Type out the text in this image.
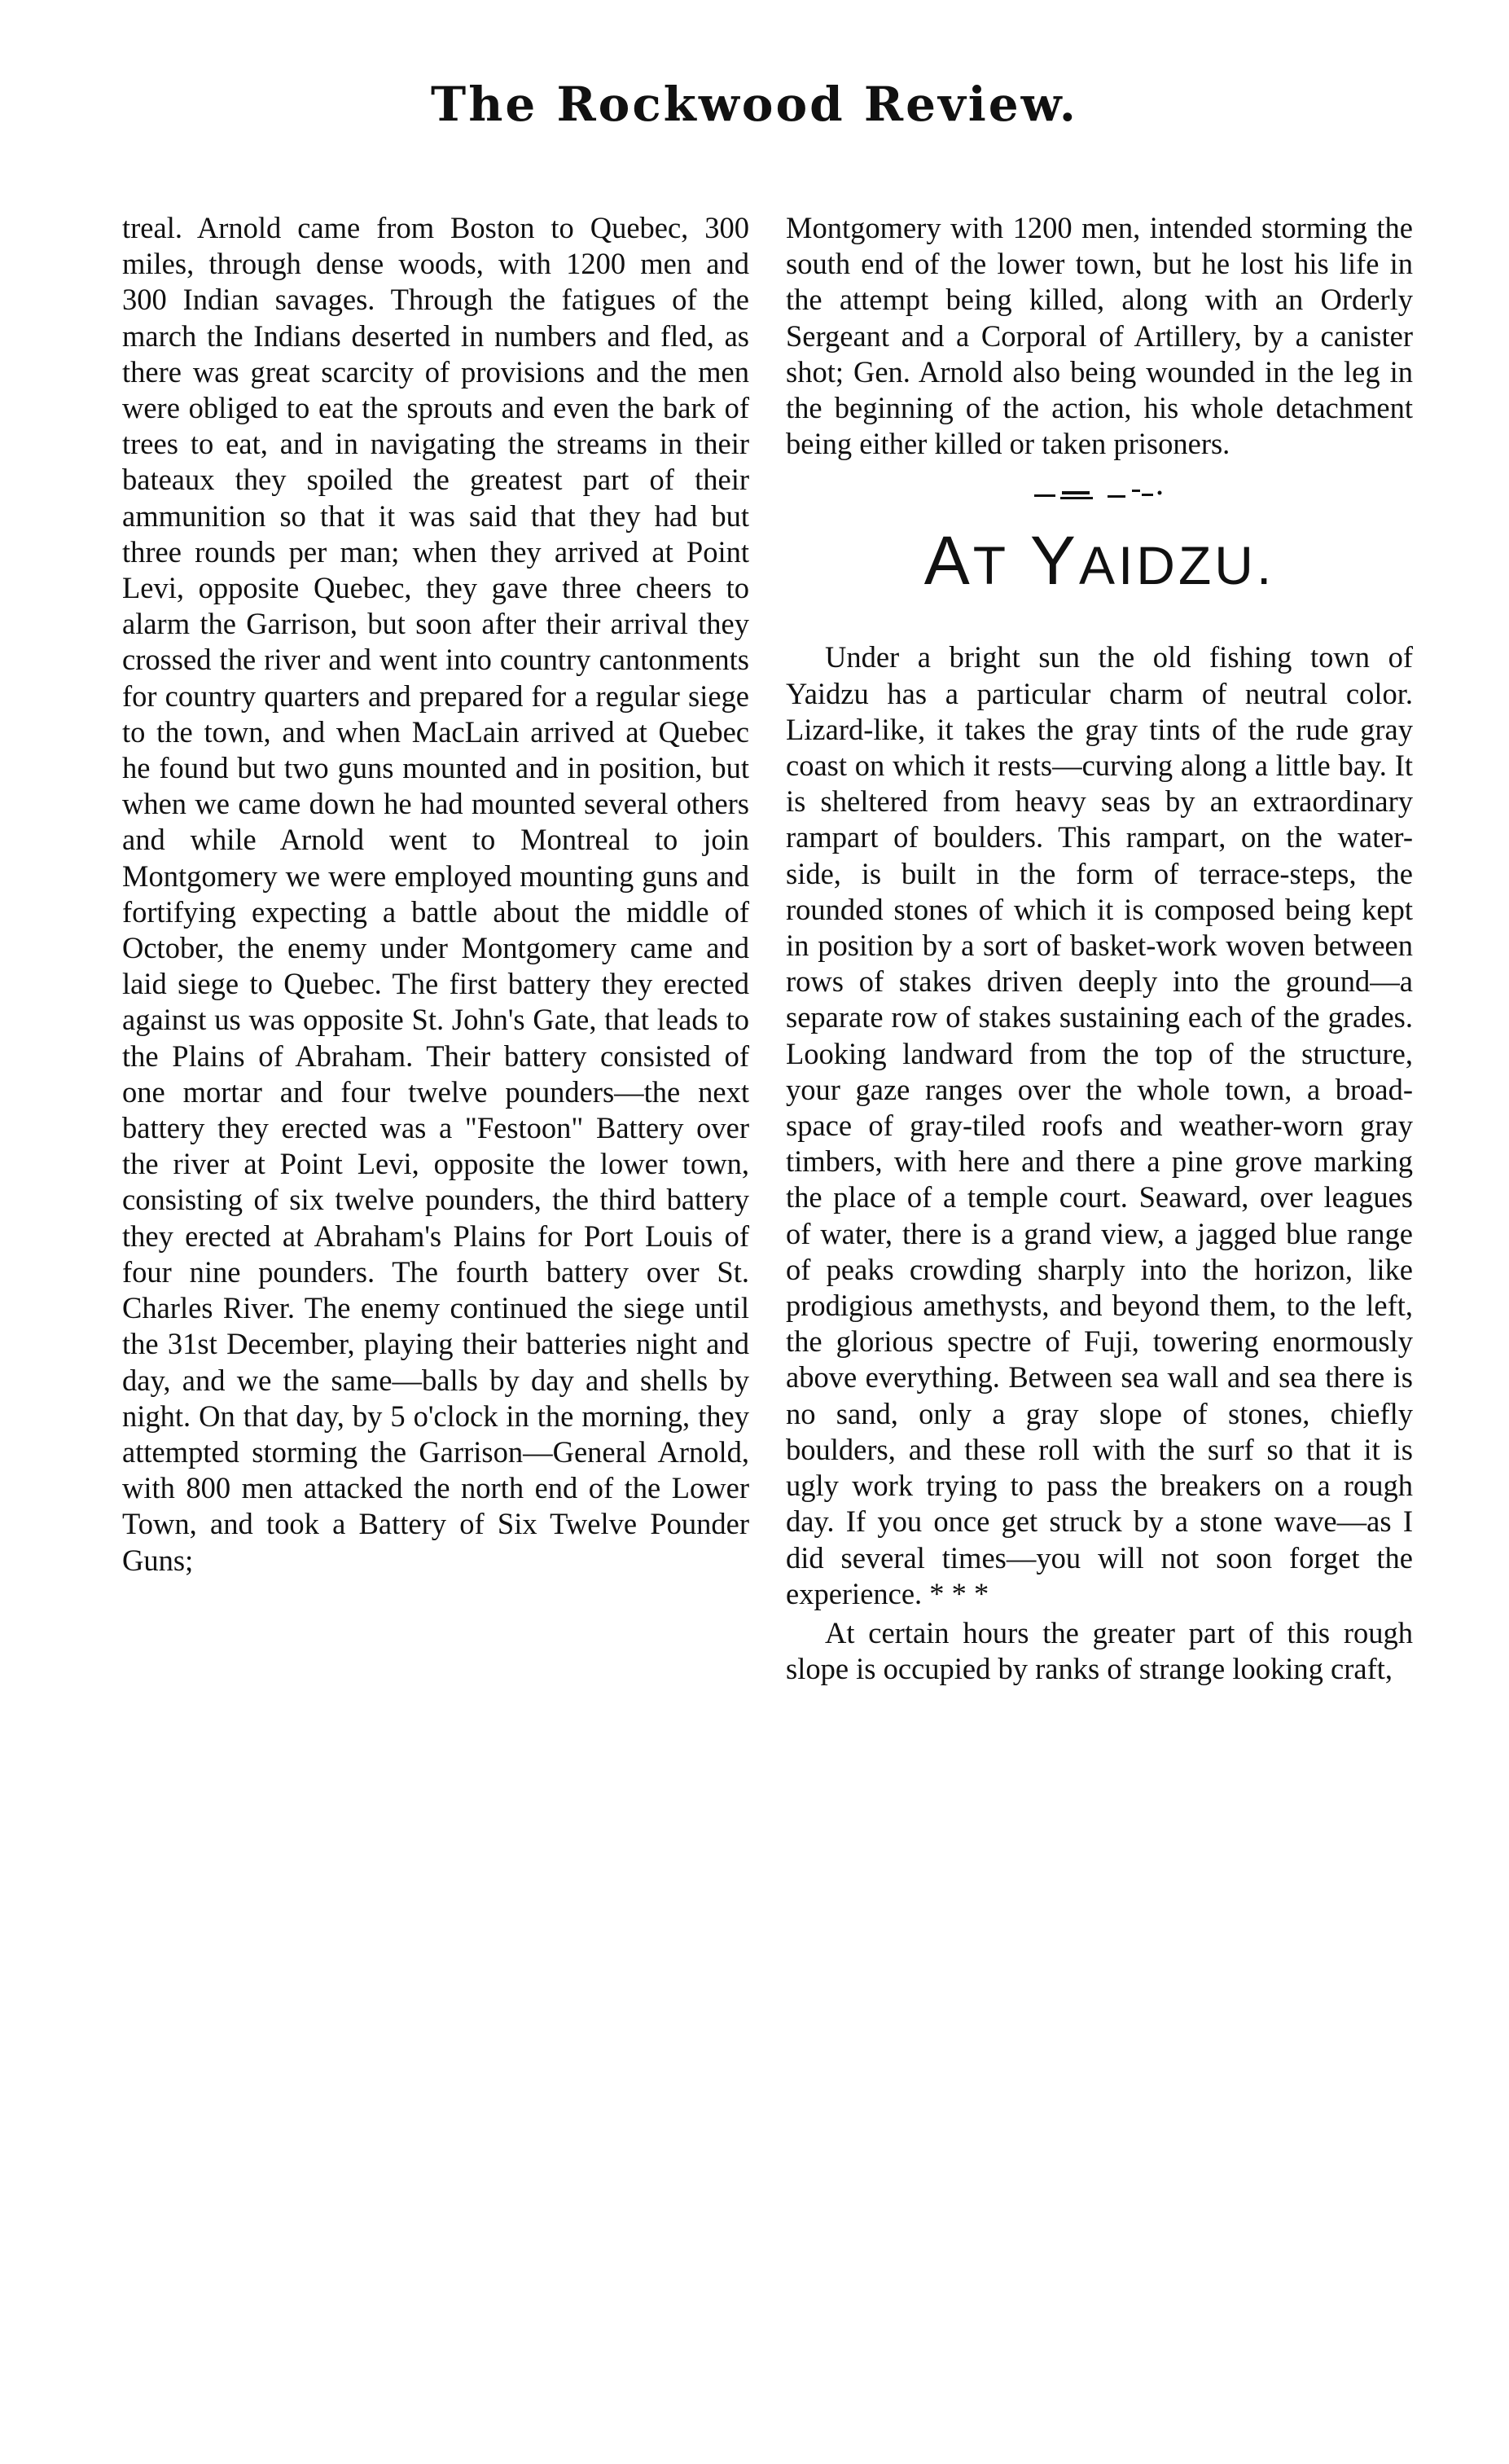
The Rockwood Review.

treal. Arnold came from Boston to Quebec, 300 miles, through dense woods, with 1200 men and 300 Indian savages. Through the fatigues of the march the Indians deserted in numbers and fled, as there was great scarcity of provisions and the men were obliged to eat the sprouts and even the bark of trees to eat, and in navigating the streams in their bateaux they spoiled the greatest part of their ammunition so that it was said that they had but three rounds per man; when they arrived at Point Levi, opposite Quebec, they gave three cheers to alarm the Garrison, but soon after their arrival they crossed the river and went into country cantonments for country quarters and prepared for a regular siege to the town, and when MacLain arrived at Quebec he found but two guns mounted and in position, but when we came down he had mounted several others and while Arnold went to Montreal to join Montgomery we were employed mounting guns and fortifying expecting a battle about the middle of October, the enemy under Montgomery came and laid siege to Quebec. The first battery they erected against us was opposite St. John's Gate, that leads to the Plains of Abraham. Their battery consisted of one mortar and four twelve pounders—the next battery they erected was a "Festoon" Battery over the river at Point Levi, opposite the lower town, consisting of six twelve pounders, the third battery they erected at Abraham's Plains for Port Louis of four nine pounders. The fourth battery over St. Charles River. The enemy continued the siege until the 31st December, playing their batteries night and day, and we the same—balls by day and shells by night. On that day, by 5 o'clock in the morning, they attempted storming the Garrison—General Arnold, with 800 men attacked the north end of the Lower Town, and took a Battery of Six Twelve Pounder Guns;

Montgomery with 1200 men, intended storming the south end of the lower town, but he lost his life in the attempt being killed, along with an Orderly Sergeant and a Corporal of Artillery, by a canister shot; Gen. Arnold also being wounded in the leg in the beginning of the action, his whole detachment being either killed or taken prisoners.

AT YAIDZU.

Under a bright sun the old fishing town of Yaidzu has a particular charm of neutral color. Lizard-like, it takes the gray tints of the rude gray coast on which it rests—curving along a little bay. It is sheltered from heavy seas by an extraordinary rampart of boulders. This rampart, on the water-side, is built in the form of terrace-steps, the rounded stones of which it is composed being kept in position by a sort of basket-work woven between rows of stakes driven deeply into the ground—a separate row of stakes sustaining each of the grades. Looking landward from the top of the structure, your gaze ranges over the whole town, a broad-space of gray-tiled roofs and weather-worn gray timbers, with here and there a pine grove marking the place of a temple court. Seaward, over leagues of water, there is a grand view, a jagged blue range of peaks crowding sharply into the horizon, like prodigious amethysts, and beyond them, to the left, the glorious spectre of Fuji, towering enormously above everything. Between sea wall and sea there is no sand, only a gray slope of stones, chiefly boulders, and these roll with the surf so that it is ugly work trying to pass the breakers on a rough day. If you once get struck by a stone wave—as I did several times—you will not soon forget the experience. * * *

At certain hours the greater part of this rough slope is occupied by ranks of strange looking craft,
